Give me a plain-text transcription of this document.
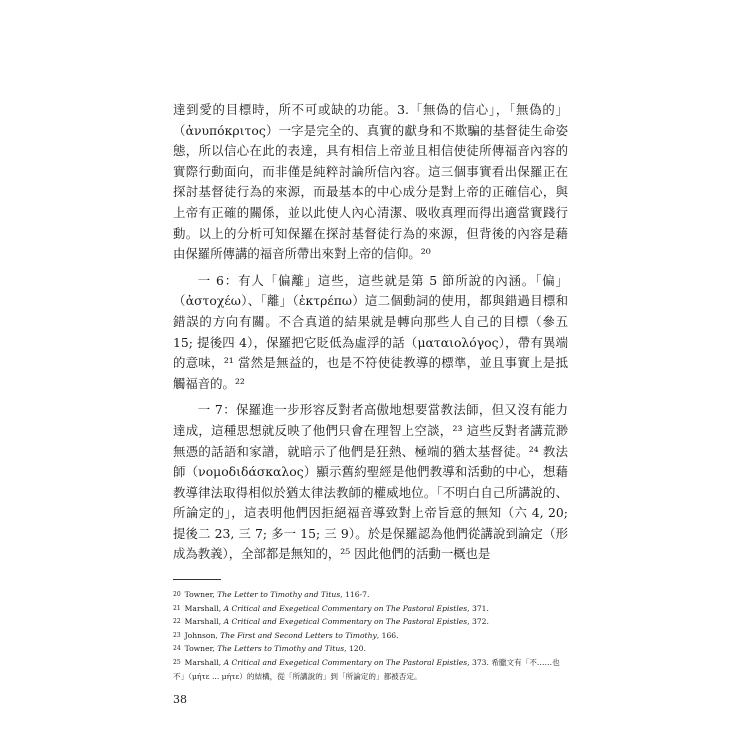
達到愛的目標時，所不可或缺的功能。3.「無偽的信心」，「無偽的」（ἀνυπόκριτος）一字是完全的、真實的獻身和不欺騙的基督徒生命姿態，所以信心在此的表達，具有相信上帝並且相信使徒所傳福音內容的實際行動面向，而非僅是純粹討論所信內容。這三個事實看出保羅正在探討基督徒行為的來源，而最基本的中心成分是對上帝的正確信心，與上帝有正確的關係，並以此使人內心清潔、吸收真理而得出適當實踐行動。以上的分析可知保羅在探討基督徒行為的來源，但背後的內容是藉由保羅所傳講的福音所帶出來對上帝的信仰。²⁰

一 6：有人「偏離」這些，這些就是第 5 節所說的內涵。「偏」（ἀστοχέω）、「離」（ἐκτρέπω）這二個動詞的使用，都與錯過目標和錯誤的方向有關。不合真道的結果就是轉向那些人自己的目標（參五 15; 提後四 4），保羅把它貶低為虛浮的話（ματαιολόγος），帶有異端的意味，²¹ 當然是無益的，也是不符使徒教導的標準，並且事實上是抵觸福音的。²²

一 7：保羅進一步形容反對者高傲地想要當教法師，但又沒有能力達成，這種思想就反映了他們只會在理智上空談，²³ 這些反對者講荒渺無憑的話語和家譜，就暗示了他們是狂熱、極端的猶太基督徒。²⁴ 教法師（νομοδιδάσκαλος）顯示舊約聖經是他們教導和活動的中心，想藉教導律法取得相似於猶太律法教師的權威地位。「不明白自己所講說的、所論定的」，這表明他們因拒絕福音導致對上帝旨意的無知（六 4, 20; 提後二 23, 三 7; 多一 15; 三 9）。於是保羅認為他們從講說到論定（形成為教義），全部都是無知的，²⁵ 因此他們的活動一概也是

20 Towner, The Letter to Timothy and Titus, 116-7.

21 Marshall, A Critical and Exegetical Commentary on The Pastoral Epistles, 371.

22 Marshall, A Critical and Exegetical Commentary on The Pastoral Epistles, 372.

23 Johnson, The First and Second Letters to Timothy, 166.

24 Towner, The Letters to Timothy and Titus, 120.

25 Marshall, A Critical and Exegetical Commentary on The Pastoral Epistles, 373. 希臘文有「不……也不」（μήτε ... μήτε）的結構，從「所講說的」到「所論定的」都被否定。

38
